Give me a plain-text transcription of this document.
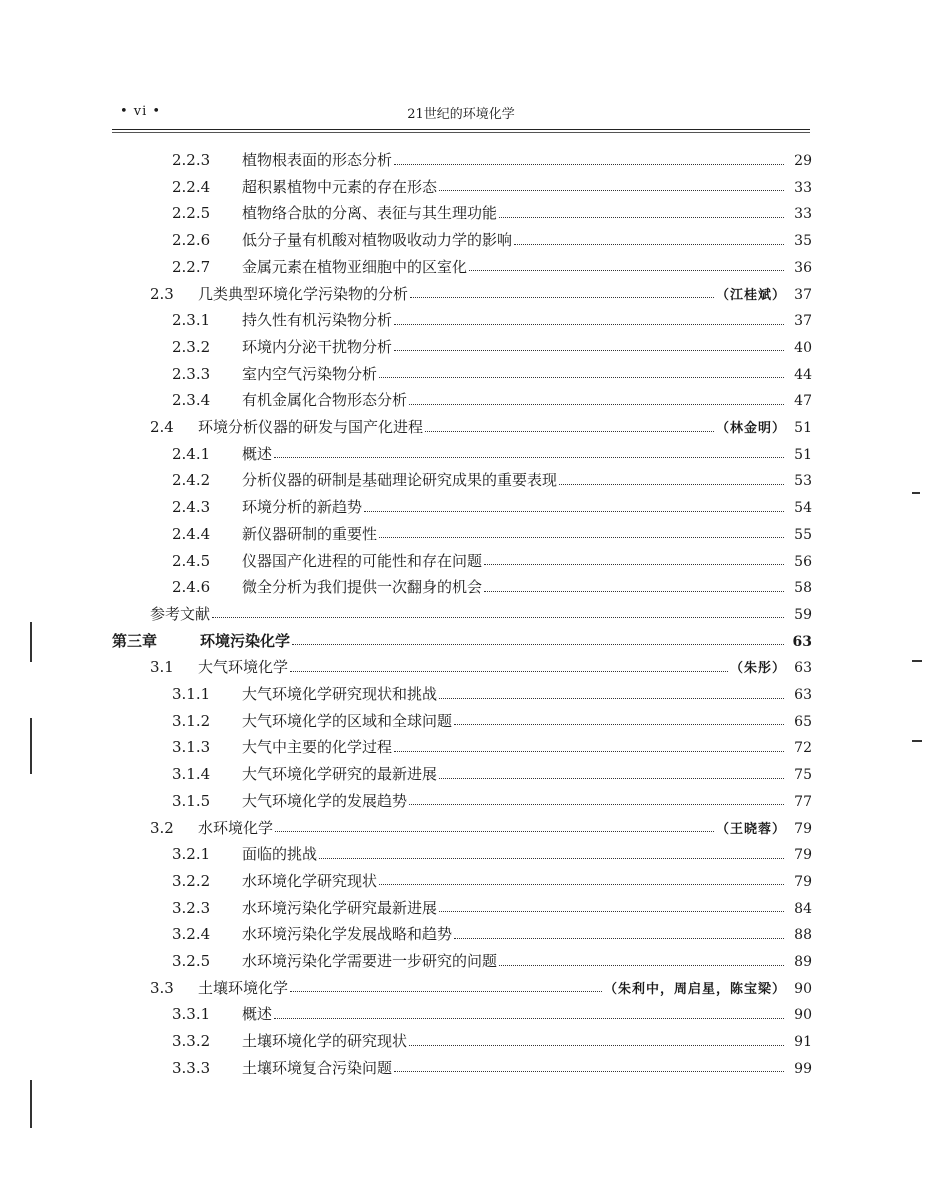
• vi •	21世纪的环境化学
2.2.3	植物根表面的形态分析	29
2.2.4	超积累植物中元素的存在形态	33
2.2.5	植物络合肽的分离、表征与其生理功能	33
2.2.6	低分子量有机酸对植物吸收动力学的影响	35
2.2.7	金属元素在植物亚细胞中的区室化	36
2.3	几类典型环境化学污染物的分析	（江桂斌） 37
2.3.1	持久性有机污染物分析	37
2.3.2	环境内分泌干扰物分析	40
2.3.3	室内空气污染物分析	44
2.3.4	有机金属化合物形态分析	47
2.4	环境分析仪器的研发与国产化进程	（林金明） 51
2.4.1	概述	51
2.4.2	分析仪器的研制是基础理论研究成果的重要表现	53
2.4.3	环境分析的新趋势	54
2.4.4	新仪器研制的重要性	55
2.4.5	仪器国产化进程的可能性和存在问题	56
2.4.6	微全分析为我们提供一次翻身的机会	58
参考文献	59
第三章	环境污染化学	63
3.1	大气环境化学	（朱彤） 63
3.1.1	大气环境化学研究现状和挑战	63
3.1.2	大气环境化学的区域和全球问题	65
3.1.3	大气中主要的化学过程	72
3.1.4	大气环境化学研究的最新进展	75
3.1.5	大气环境化学的发展趋势	77
3.2	水环境化学	（王晓蓉） 79
3.2.1	面临的挑战	79
3.2.2	水环境化学研究现状	79
3.2.3	水环境污染化学研究最新进展	84
3.2.4	水环境污染化学发展战略和趋势	88
3.2.5	水环境污染化学需要进一步研究的问题	89
3.3	土壤环境化学	（朱利中，周启星，陈宝梁） 90
3.3.1	概述	90
3.3.2	土壤环境化学的研究现状	91
3.3.3	土壤环境复合污染问题	99
